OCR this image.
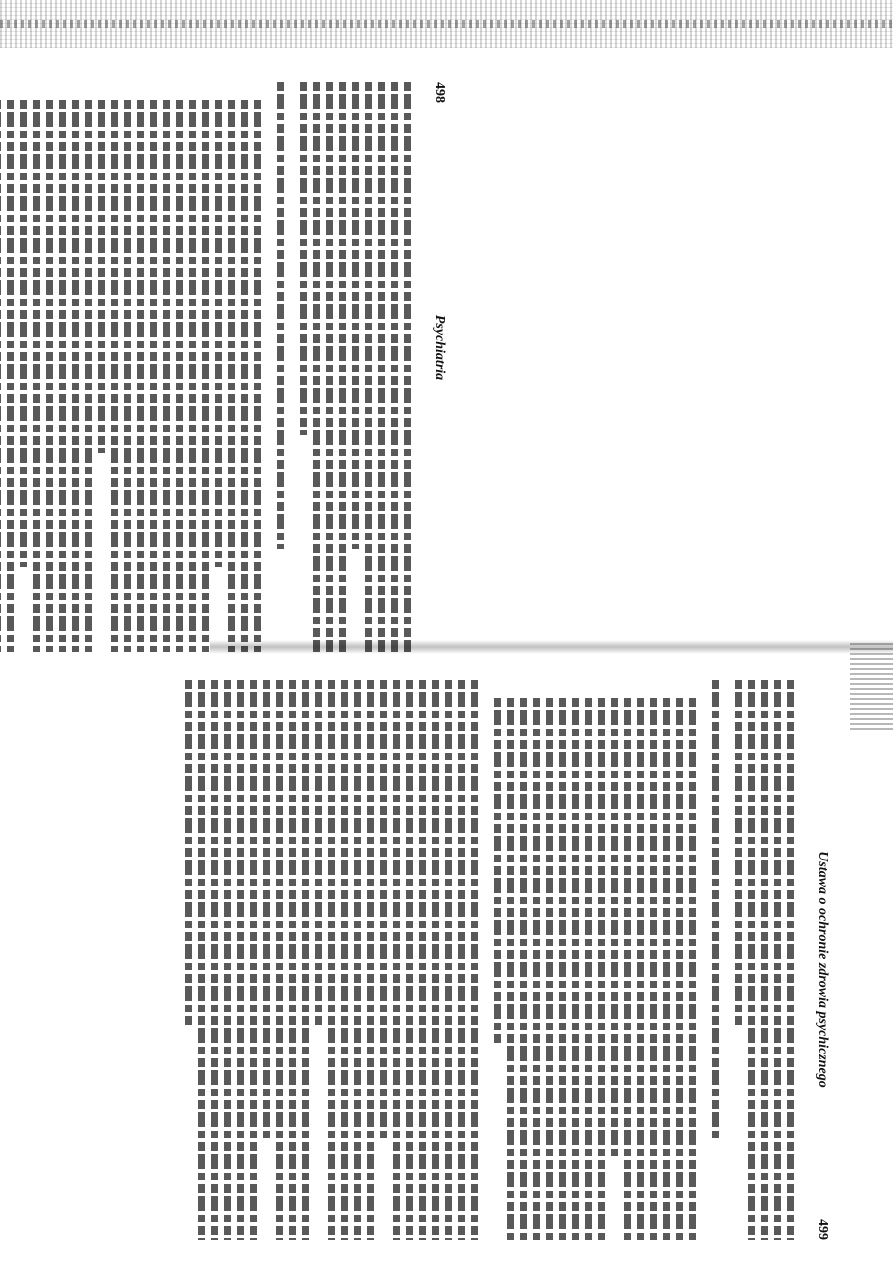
498
Psychiatria
Ustawa o ochronie zdrowia psychicznego
499
